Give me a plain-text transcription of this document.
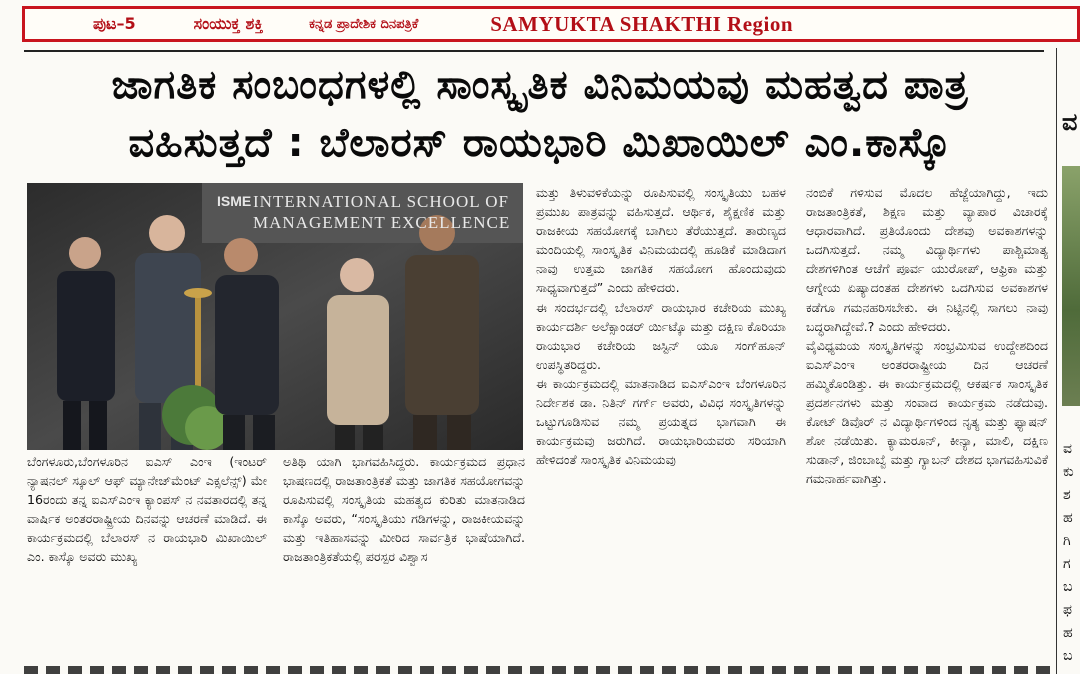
ಪುಟ–5	ಸಂಯುಕ್ತ ಶಕ್ತಿ	ಕನ್ನಡ ಪ್ರಾದೇಶಿಕ ದಿನಪತ್ರಿಕೆ	SAMYUKTA SHAKTHI Region
ಜಾಗತಿಕ ಸಂಬಂಧಗಳಲ್ಲಿ ಸಾಂಸ್ಕೃತಿಕ ವಿನಿಮಯವು ಮಹತ್ವದ ಪಾತ್ರ
ವಹಿಸುತ್ತದೆ : ಬೆಲಾರಸ್ ರಾಯಭಾರಿ ಮಿಖಾಯಿಲ್ ಎಂ.ಕಾಸ್ಕೊ
ISME INTERNATIONAL SCHOOL OF
MANAGEMENT EXCELLENCE

ಬೆಂಗಳೂರು,ಬೆಂಗಳೂರಿನ ಐಎಸ್ ಎಂಇ (ಇಂಟರ್ ನ್ಯಾಷನಲ್ ಸ್ಕೂಲ್ ಆಫ್ ಮ್ಯಾನೇಜ್‌ಮೆಂಟ್ ಎಕ್ಸಲೆನ್ಸ್) ಮೇ 16ರಂದು ತನ್ನ ಐಎಸ್‌ಎಂಇ ಕ್ಯಾಂಪಸ್ ನ ನವತಾರದಲ್ಲಿ ತನ್ನ ವಾರ್ಷಿಕ ಅಂತರರಾಷ್ಟ್ರೀಯ ದಿನವನ್ನು ಆಚರಣೆ ಮಾಡಿದೆ. ಈ ಕಾರ್ಯಕ್ರಮದಲ್ಲಿ ಬೆಲಾರಸ್ ನ ರಾಯಭಾರಿ ಮಿಖಾಯಿಲ್ ಎಂ. ಕಾಸ್ಕೊ ಅವರು ಮುಖ್ಯ

ಅತಿಥಿ ಯಾಗಿ ಭಾಗವಹಿಸಿದ್ದರು. ಕಾರ್ಯಕ್ರಮದ ಪ್ರಧಾನ ಭಾಷಣದಲ್ಲಿ ರಾಜತಾಂತ್ರಿಕತೆ ಮತ್ತು ಜಾಗತಿಕ ಸಹಯೋಗವನ್ನು ರೂಪಿಸುವಲ್ಲಿ ಸಂಸ್ಕೃತಿಯ ಮಹತ್ವದ ಕುರಿತು ಮಾತನಾಡಿದ ಕಾಸ್ಕೊ ಅವರು, “ಸಂಸ್ಕೃತಿಯು ಗಡಿಗಳನ್ನು, ರಾಜಕೀಯವನ್ನು ಮತ್ತು ಇತಿಹಾಸವನ್ನು ಮೀರಿದ ಸಾರ್ವತ್ರಿಕ ಭಾಷೆಯಾಗಿದೆ. ರಾಜತಾಂತ್ರಿಕತೆಯಲ್ಲಿ ಪರಸ್ಪರ ವಿಶ್ವಾಸ

ಮತ್ತು ತಿಳುವಳಿಕೆಯನ್ನು ರೂಪಿಸುವಲ್ಲಿ ಸಂಸ್ಕೃತಿಯು ಬಹಳ ಪ್ರಮುಖ ಪಾತ್ರವನ್ನು ವಹಿಸುತ್ತದೆ. ಆರ್ಥಿಕ, ಶೈಕ್ಷಣಿಕ ಮತ್ತು ರಾಜಕೀಯ ಸಹಯೋಗಕ್ಕೆ ಬಾಗಿಲು ತೆರೆಯುತ್ತದೆ. ತಾರುಣ್ಯದ ಮಂದಿಯಲ್ಲಿ ಸಾಂಸ್ಕೃತಿಕ ವಿನಿಮಯದಲ್ಲಿ ಹೂಡಿಕೆ ಮಾಡಿದಾಗ ನಾವು ಉತ್ತಮ ಜಾಗತಿಕ ಸಹಯೋಗ ಹೊಂದುವುದು ಸಾಧ್ಯವಾಗುತ್ತದೆ” ಎಂದು ಹೇಳಿದರು.

ಈ ಸಂದರ್ಭದಲ್ಲಿ ಬೆಲಾರಸ್ ರಾಯಭಾರ ಕಚೇರಿಯ ಮುಖ್ಯ ಕಾರ್ಯದರ್ಶಿ ಅಲೆಕ್ಸಾಂಡರ್ ರ್ಯಿಟ್ಕೊ ಮತ್ತು ದಕ್ಷಿಣ ಕೊರಿಯಾ ರಾಯಭಾರ ಕಚೇರಿಯ ಜಸ್ಟಿನ್ ಯೂ ಸಂಗ್‌ಹೂನ್ ಉಪಸ್ಥಿತರಿದ್ದರು.

ಈ ಕಾರ್ಯಕ್ರಮದಲ್ಲಿ ಮಾತನಾಡಿದ ಐಎಸ್‌ಎಂಇ ಬೆಂಗಳೂರಿನ ನಿರ್ದೇಶಕ ಡಾ. ನಿತಿನ್ ಗರ್ಗ್ ಅವರು, ವಿವಿಧ ಸಂಸ್ಕೃತಿಗಳನ್ನು ಒಟ್ಟುಗೂಡಿಸುವ ನಮ್ಮ ಪ್ರಯತ್ನದ ಭಾಗವಾಗಿ ಈ ಕಾರ್ಯಕ್ರಮವು ಜರುಗಿದೆ. ರಾಯಭಾರಿಯವರು ಸರಿಯಾಗಿ ಹೇಳಿದಂತೆ ಸಾಂಸ್ಕೃತಿಕ ವಿನಿಮಯವು

ನಂಬಿಕೆ ಗಳಿಸುವ ಮೊದಲ ಹೆಜ್ಜೆಯಾಗಿದ್ದು, ಇದು ರಾಜತಾಂತ್ರಿಕತೆ, ಶಿಕ್ಷಣ ಮತ್ತು ವ್ಯಾಪಾರ ವಿಚಾರಕ್ಕೆ ಆಧಾರವಾಗಿದೆ. ಪ್ರತಿಯೊಂದು ದೇಶವು ಅವಕಾಶಗಳನ್ನು ಒದಗಿಸುತ್ತದೆ. ನಮ್ಮ ವಿದ್ಯಾರ್ಥಿಗಳು ಪಾಶ್ಚಿಮಾತ್ಯ ದೇಶಗಳಿಗಿಂತ ಆಚೆಗೆ ಪೂರ್ವ ಯುರೋಪ್, ಆಫ್ರಿಕಾ ಮತ್ತು ಆಗ್ನೇಯ ಏಷ್ಯಾದಂತಹ ದೇಶಗಳು ಒದಗಿಸುವ ಅವಕಾಶಗಳ ಕಡೆಗೂ ಗಮನಹರಿಸಬೇಕು. ಈ ನಿಟ್ಟಿನಲ್ಲಿ ಸಾಗಲು ನಾವು ಬದ್ಧರಾಗಿದ್ದೇವೆ.? ಎಂದು ಹೇಳಿದರು.

ವೈವಿಧ್ಯಮಯ ಸಂಸ್ಕೃತಿಗಳನ್ನು ಸಂಭ್ರಮಿಸುವ ಉದ್ದೇಶದಿಂದ ಐಎಸ್‌ಎಂಇ ಅಂತರರಾಷ್ಟ್ರೀಯ ದಿನ ಆಚರಣೆ ಹಮ್ಮಿಕೊಂಡಿತ್ತು. ಈ ಕಾರ್ಯಕ್ರಮದಲ್ಲಿ ಆಕರ್ಷಕ ಸಾಂಸ್ಕೃತಿಕ ಪ್ರದರ್ಶನಗಳು ಮತ್ತು ಸಂವಾದ ಕಾರ್ಯಕ್ರಮ ನಡೆದುವು. ಕೋಟ್ ಡಿವೊರ್ ನ ವಿದ್ಯಾರ್ಥಿಗಳಿಂದ ನೃತ್ಯ ಮತ್ತು ಫ್ಯಾಷನ್ ಶೋ ನಡೆಯಿತು. ಕ್ಯಾಮರೂನ್, ಕೀನ್ಯಾ, ಮಾಲಿ, ದಕ್ಷಿಣ ಸುಡಾನ್, ಜಿಂಬಾಬ್ವೆ ಮತ್ತು ಗ್ಯಾಬನ್ ದೇಶದ ಭಾಗವಹಿಸುವಿಕೆ ಗಮನಾರ್ಹವಾಗಿತ್ತು.

ವ
ವ ಕು ಶ ಹ ಗಿ ಗ ಬ ಫ ಹ ಬ
